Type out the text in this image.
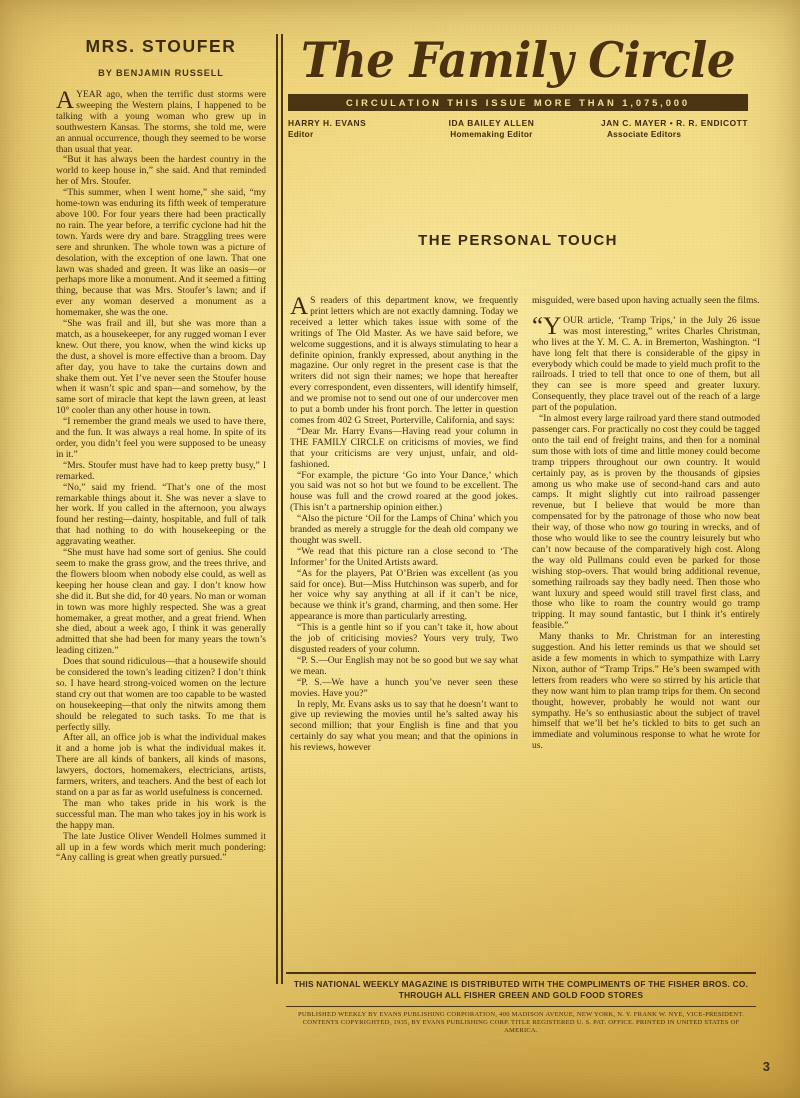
MRS. STOUFER
BY BENJAMIN RUSSELL

AYEAR ago, when the terrific dust storms were sweeping the Western plains, I happened to be talking with a young woman who grew up in southwestern Kansas. The storms, she told me, were an annual occurrence, though they seemed to be worse than usual that year.

“But it has always been the hardest country in the world to keep house in,” she said. And that reminded her of Mrs. Stoufer.

“This summer, when I went home,” she said, “my home-town was enduring its fifth week of temperature above 100. For four years there had been practically no rain. The year before, a terrific cyclone had hit the town. Yards were dry and bare. Straggling trees were sere and shrunken. The whole town was a picture of desolation, with the exception of one lawn. That one lawn was shaded and green. It was like an oasis—or perhaps more like a monument. And it seemed a fitting thing, because that was Mrs. Stoufer’s lawn; and if ever any woman deserved a monument as a homemaker, she was the one.

“She was frail and ill, but she was more than a match, as a housekeeper, for any rugged woman I ever knew. Out there, you know, when the wind kicks up the dust, a shovel is more effective than a broom. Day after day, you have to take the curtains down and shake them out. Yet I’ve never seen the Stoufer house when it wasn’t spic and span—and somehow, by the same sort of miracle that kept the lawn green, at least 10° cooler than any other house in town.

“I remember the grand meals we used to have there, and the fun. It was always a real home. In spite of its order, you didn’t feel you were supposed to be uneasy in it.”

“Mrs. Stoufer must have had to keep pretty busy,” I remarked.

“No,” said my friend. “That’s one of the most remarkable things about it. She was never a slave to her work. If you called in the afternoon, you always found her resting—dainty, hospitable, and full of talk that had nothing to do with housekeeping or the aggravating weather.

“She must have had some sort of genius. She could seem to make the grass grow, and the trees thrive, and the flowers bloom when nobody else could, as well as keeping her house clean and gay. I don’t know how she did it. But she did, for 40 years. No man or woman in town was more highly respected. She was a great homemaker, a great mother, and a great friend. When she died, about a week ago, I think it was generally admitted that she had been for many years the town’s leading citizen.”

Does that sound ridiculous—that a housewife should be considered the town’s leading citizen? I don’t think so. I have heard strong-voiced women on the lecture stand cry out that women are too capable to be wasted on housekeeping—that only the nitwits among them should be relegated to such tasks. To me that is perfectly silly.

After all, an office job is what the individual makes it and a home job is what the individual makes it. There are all kinds of bankers, all kinds of masons, lawyers, doctors, homemakers, electricians, artists, farmers, writers, and teachers. And the best of each lot stand on a par as far as world usefulness is concerned.

The man who takes pride in his work is the successful man. The man who takes joy in his work is the happy man.

The late Justice Oliver Wendell Holmes summed it all up in a few words which merit much pondering: “Any calling is great when greatly pursued.”

The Family Circle
CIRCULATION THIS ISSUE MORE THAN 1,075,000
HARRY H. EVANS
Editor
IDA BAILEY ALLEN
Homemaking Editor
JAN C. MAYER • R. R. ENDICOTT
Associate Editors
THE PERSONAL TOUCH

AS readers of this department know, we frequently print letters which are not exactly damning. Today we received a letter which takes issue with some of the writings of The Old Master. As we have said before, we welcome suggestions, and it is always stimulating to hear a definite opinion, frankly expressed, about anything in the magazine. Our only regret in the present case is that the writers did not sign their names; we hope that hereafter every correspondent, even dissenters, will identify himself, and we promise not to send out one of our undercover men to put a bomb under his front porch. The letter in question comes from 402 G Street, Porterville, California, and says:

“Dear Mr. Harry Evans—Having read your column in THE FAMILY CIRCLE on criticisms of movies, we find that your criticisms are very unjust, unfair, and old-fashioned.

“For example, the picture ‘Go into Your Dance,’ which you said was not so hot but we found to be excellent. The house was full and the crowd roared at the good jokes. (This isn’t a partnership opinion either.)

“Also the picture ‘Oil for the Lamps of China’ which you branded as merely a struggle for the deah old company we thought was swell.

“We read that this picture ran a close second to ‘The Informer’ for the United Artists award.

“As for the players, Pat O’Brien was excellent (as you said for once). But—Miss Hutchinson was superb, and for her voice why say anything at all if it can’t be nice, because we think it’s grand, charming, and then some. Her appearance is more than particularly arresting.

“This is a gentle hint so if you can’t take it, how about the job of criticising movies? Yours very truly, Two disgusted readers of your column.

“P. S.—Our English may not be so good but we say what we mean.

“P. S.—We have a hunch you’ve never seen these movies. Have you?”

In reply, Mr. Evans asks us to say that he doesn’t want to give up reviewing the movies until he’s salted away his second million; that your English is fine and that you certainly do say what you mean; and that the opinions in his reviews, however

misguided, were based upon having actually seen the films.

“YOUR article, ‘Tramp Trips,’ in the July 26 issue was most interesting,” writes Charles Christman, who lives at the Y. M. C. A. in Bremerton, Washington. “I have long felt that there is considerable of the gipsy in everybody which could be made to yield much profit to the railroads. I tried to tell that once to one of them, but all they can see is more speed and greater luxury. Consequently, they place travel out of the reach of a large part of the population.

“In almost every large railroad yard there stand outmoded passenger cars. For practically no cost they could be tagged onto the tail end of freight trains, and then for a nominal sum those with lots of time and little money could become tramp trippers throughout our own country. It would certainly pay, as is proven by the thousands of gipsies among us who make use of second-hand cars and auto camps. It might slightly cut into railroad passenger revenue, but I believe that would be more than compensated for by the patronage of those who now beat their way, of those who now go touring in wrecks, and of those who would like to see the country leisurely but who can’t now because of the comparatively high cost. Along the way old Pullmans could even be parked for those wishing stop-overs. That would bring additional revenue, something railroads say they badly need. Then those who want luxury and speed would still travel first class, and those who like to roam the country would go tramp tripping. It may sound fantastic, but I think it’s entirely feasible.”

Many thanks to Mr. Christman for an interesting suggestion. And his letter reminds us that we should set aside a few moments in which to sympathize with Larry Nixon, author of “Tramp Trips.” He’s been swamped with letters from readers who were so stirred by his article that they now want him to plan tramp trips for them. On second thought, however, probably he would not want our sympathy. He’s so enthusiastic about the subject of travel himself that we’ll bet he’s tickled to bits to get such an immediate and voluminous response to what he wrote for us.

THIS NATIONAL WEEKLY MAGAZINE IS DISTRIBUTED WITH THE COMPLIMENTS OF THE FISHER BROS. CO. THROUGH ALL FISHER GREEN AND GOLD FOOD STORES
PUBLISHED WEEKLY BY EVANS PUBLISHING CORPORATION, 400 MADISON AVENUE, NEW YORK, N. Y. FRANK W. NYE, VICE-PRESIDENT. CONTENTS COPYRIGHTED, 1935, BY EVANS PUBLISHING CORP. TITLE REGISTERED U. S. PAT. OFFICE. PRINTED IN UNITED STATES OF AMERICA.
3
